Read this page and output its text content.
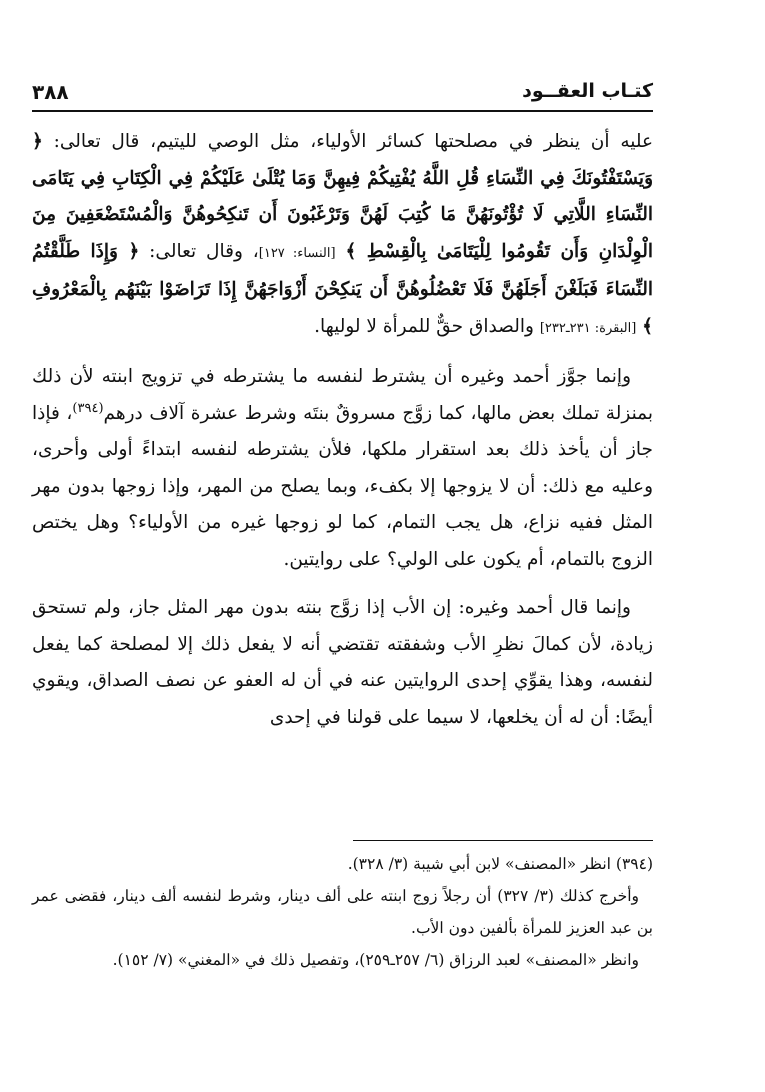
٣٨٨	كتـاب العقــود

عليه أن ينظر في مصلحتها كسائر الأولياء، مثل الوصي لليتيم، قال تعالى: ﴿ وَيَسْتَفْتُونَكَ فِي النِّسَاءِ قُلِ اللَّهُ يُفْتِيكُمْ فِيهِنَّ وَمَا يُتْلَىٰ عَلَيْكُمْ فِي الْكِتَابِ فِي يَتَامَى النِّسَاءِ اللَّاتِي لَا تُؤْتُونَهُنَّ مَا كُتِبَ لَهُنَّ وَتَرْغَبُونَ أَن تَنكِحُوهُنَّ وَالْمُسْتَضْعَفِينَ مِنَ الْوِلْدَانِ وَأَن تَقُومُوا لِلْيَتَامَىٰ بِالْقِسْطِ ﴾ [النساء: ١٢٧]، وقال تعالى: ﴿ وَإِذَا طَلَّقْتُمُ النِّسَاءَ فَبَلَغْنَ أَجَلَهُنَّ فَلَا تَعْضُلُوهُنَّ أَن يَنكِحْنَ أَزْوَاجَهُنَّ إِذَا تَرَاضَوْا بَيْنَهُم بِالْمَعْرُوفِ ﴾ [البقرة: ٢٣١ـ٢٣٢] والصداق حقٌّ للمرأة لا لوليها.

وإنما جوَّز أحمد وغيره أن يشترط لنفسه ما يشترطه في تزويج ابنته لأن ذلك بمنزلة تملك بعض مالها، كما زوَّج مسروقٌ بنتَه وشرط عشرة آلاف درهم$^{(٣٩٤)}$، فإذا جاز أن يأخذ ذلك بعد استقرار ملكها، فلأن يشترطه لنفسه ابتداءً أولى وأحرى، وعليه مع ذلك: أن لا يزوجها إلا بكفء، وبما يصلح من المهر، وإذا زوجها بدون مهر المثل ففيه نزاع، هل يجب التمام، كما لو زوجها غيره من الأولياء؟ وهل يختص الزوج بالتمام، أم يكون على الولي؟ على روايتين.

وإنما قال أحمد وغيره: إن الأب إذا زوَّج بنته بدون مهر المثل جاز، ولم تستحق زيادة، لأن كمالَ نظرِ الأب وشفقته تقتضي أنه لا يفعل ذلك إلا لمصلحة كما يفعل لنفسه، وهذا يقوِّي إحدى الروايتين عنه في أن له العفو عن نصف الصداق، ويقوي أيضًا: أن له أن يخلعها، لا سيما على قولنا في إحدى

(٣٩٤) انظر «المصنف» لابن أبي شيبة (٣/ ٣٢٨).

وأخرج كذلك (٣/ ٣٢٧) أن رجلاً زوج ابنته على ألف دينار، وشرط لنفسه ألف دينار، فقضى عمر بن عبد العزيز للمرأة بألفين دون الأب.

وانظر «المصنف» لعبد الرزاق (٦/ ٢٥٧ـ٢٥٩)، وتفصيل ذلك في «المغني» (٧/ ١٥٢).
